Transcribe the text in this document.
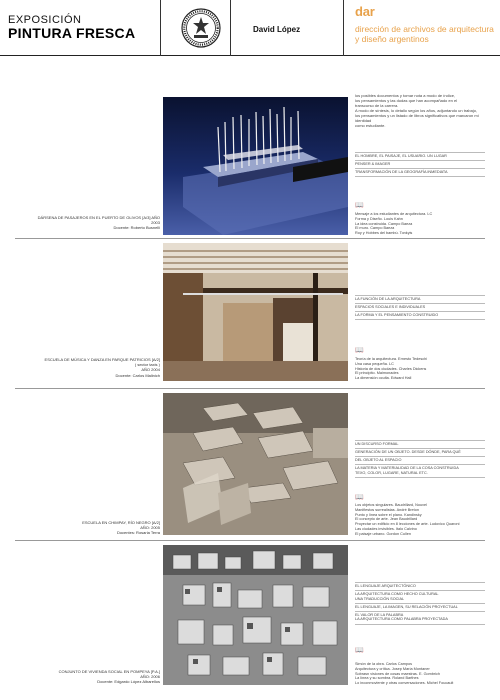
EXPOSICIÓN
PINTURA FRESCA	David López
dar
dirección de archivos de arquitectura y diseño argentinos
los posibles documentos y tomar nota a modo de índice,
los pensamientos y las dudas que han acompañado en el
transcurso de la carrera.
A modo de síntesis, lo detallo según los años, adjuntando un trabajo,
los pensamientos y un listado de libros significativos que marcaron mi identidad
como estudiante.
DÁRSENA DE PASAJEROS EN EL PUERTO DE OLIVOS [A/3] AÑO
2003
Docente: Roberto Busnelli
EL HOMBRE, EL PAISAJE, EL USUARIO. UN LUGAR
PENSER & IMAGER
TRANSFORMACIÓN DE LA GEOGRAFÍA INMEDIATA
📖
Mensaje a los estudiantes de arquitectura. LC
Forma y Diseño. Louis Kahn
La idea construida. Campo Baeza
El muro. Campo Baeza
Roy y Hobbes del bambú. Tonkyis
ESCUELA DE MÚSICA Y DANZA EN PARQUE PATRICIOS [A/2]
( sector taxis )
AÑO 2004
Docente: Carlos Malinich
LA FUNCIÓN DE LA ARQUITECTURA
ESPACIOS SOCIALES E INDIVIDUALES
LA FORMA Y EL PENSAMIENTO CONSTRUIDO
📖
Teoría de la arquitectura. Ernesto Tedeschi
Una casa pequeña. LC
Historia de dos ciudades. Charles Dickens
El principito. Maimonades
La dimensión oculta. Edward Hall
ESCUELA EN CHIMPAY, RÍO NEGRO [A/2]
AÑO: 2005
Docentes: Rosaria Terra
UN DISCURSO FORMAL
GENERACIÓN DE UN OBJETO. DESDE DÓNDE, PARA QUÉ
DEL OBJETO AL ESPACIO
LA MATERIA Y MATERIALIDAD DE LA COSA CONSTRUIDA
TEXO, COLOR, LUGARE, NATURAL ETC.
📖
Los objetos singulares. Baudrillard, Nouvel
Manifiestos surrealistas. André Breton
Punto y línea sobre el plano. Kandinsky
El concepto de arte. Jean Baudrillard
Proyectar un edificio en 8 lecciones de arte. Ludovico Quaroni
Las ciudades invisibles. Italo Calvino
El paisaje urbano. Gordon Cullen
CONJUNTO DE VIVIENDA SOCIAL EN POMPEYA [P.A.]
AÑO: 2006
Docente: Edgardo López Albarellos
EL LENGUAJE ARQUITECTÓNICO
LA ARQUITECTURA COMO HECHO CULTURAL
UNA TRADUCCIÓN SOCIAL
EL LENGUAJE, LA IMAGEN, SU RELACIÓN PROYECTUAL
EL VALOR DE LA PALABRA
LA ARQUITECTURA COMO PALABRA PROYECTADA
📖
Simón de la obra. Carlos Campos
Arquitectura y crítica. Josep María Montaner
Sobrasn visiones de cosas maestras. E. Gombrich
La línea y su sombra. Roland Barthes
Lo inconmoviente y otras conversaciones. Michel Foucault
